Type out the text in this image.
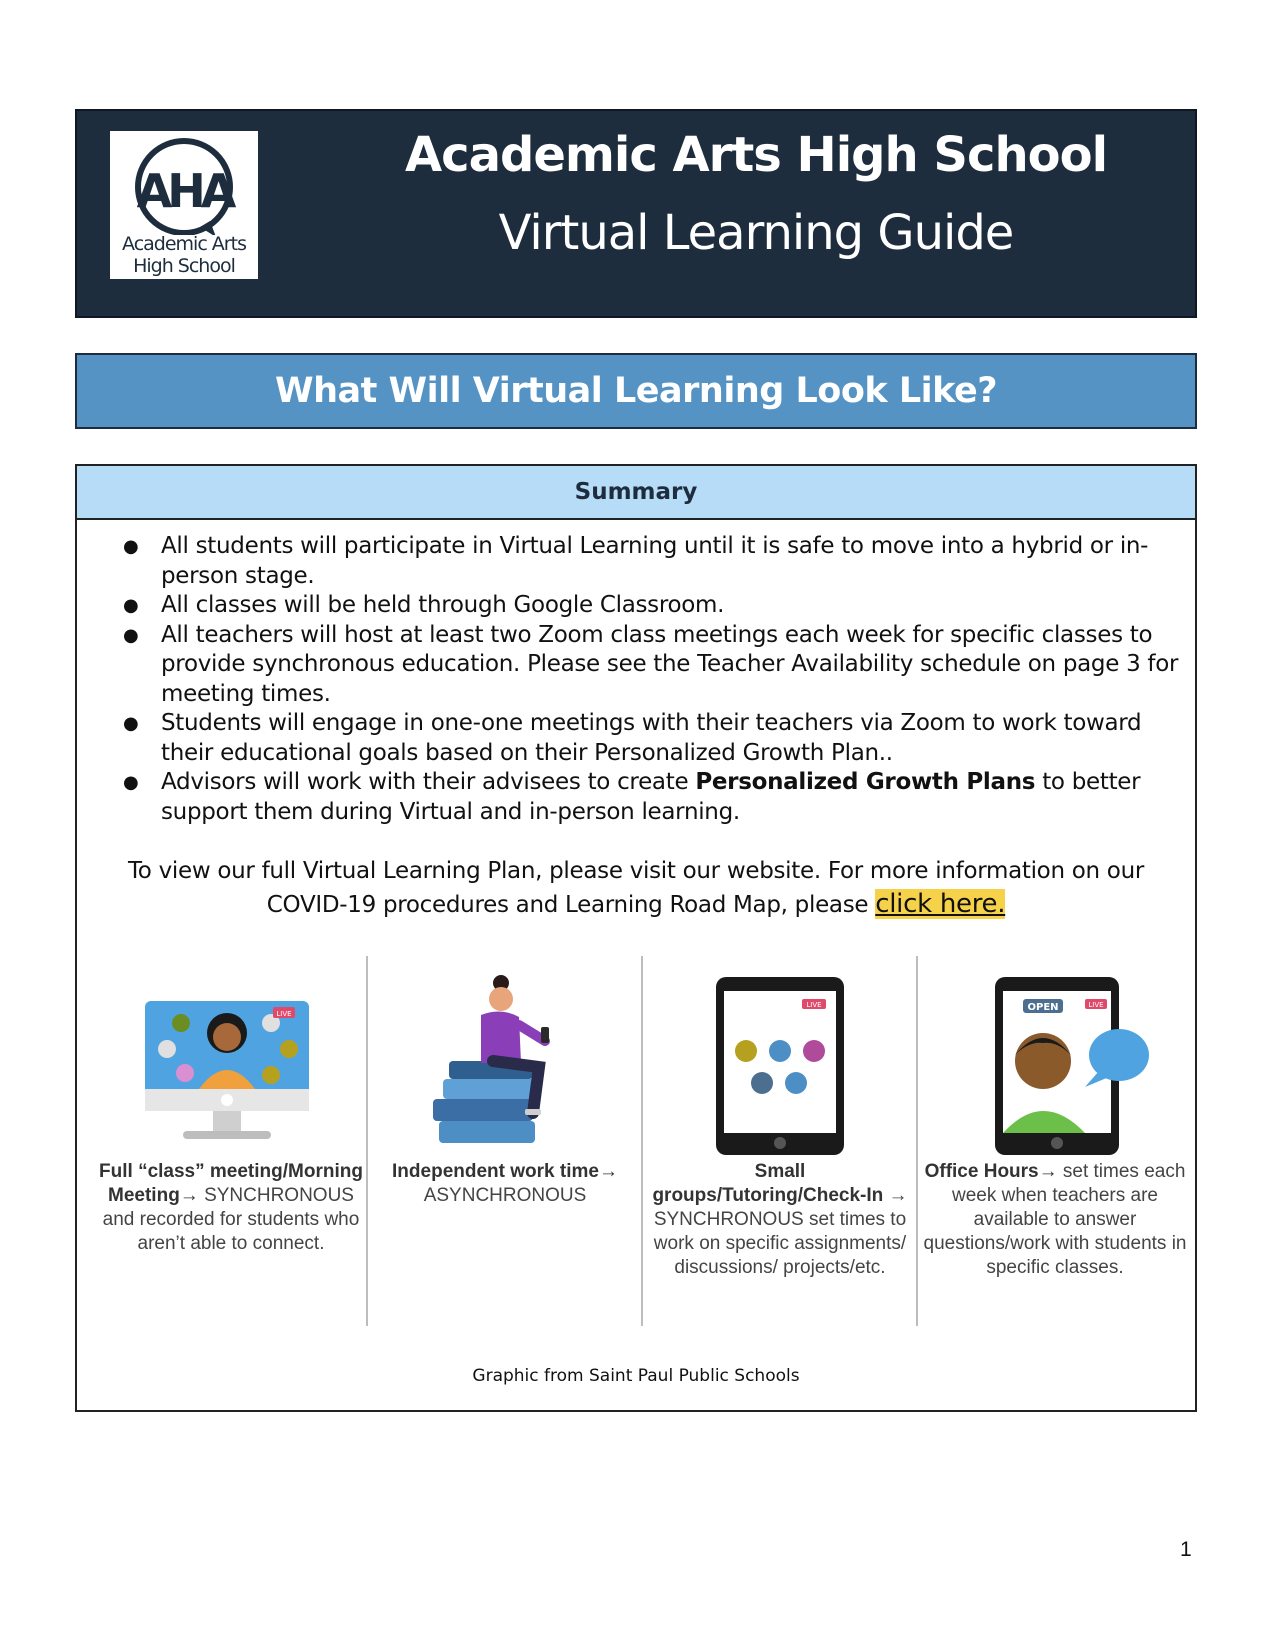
AHA
Academic Arts
High School
Academic Arts High School
Virtual Learning Guide
What Will Virtual Learning Look Like?
Summary
● All students will participate in Virtual Learning until it is safe to move into a hybrid or in-person stage.
● All classes will be held through Google Classroom.
● All teachers will host at least two Zoom class meetings each week for specific classes to provide synchronous education. Please see the Teacher Availability schedule on page 3 for meeting times.
● Students will engage in one-one meetings with their teachers via Zoom to work toward their educational goals based on their Personalized Growth Plan..
● Advisors will work with their advisees to create Personalized Growth Plans to better support them during Virtual and in-person learning.
To view our full Virtual Learning Plan, please visit our website. For more information on our
COVID-19 procedures and Learning Road Map, please click here.
LIVE
Full “class” meeting/Morning Meeting→ SYNCHRONOUS and recorded for students who aren’t able to connect.
Independent work time→ ASYNCHRONOUS
LIVE
Small groups/Tutoring/Check-In → SYNCHRONOUS set times to work on specific assignments/ discussions/ projects/etc.
OPEN	LIVE
Office Hours→ set times each week when teachers are available to answer questions/work with students in specific classes.
Graphic from Saint Paul Public Schools
1
